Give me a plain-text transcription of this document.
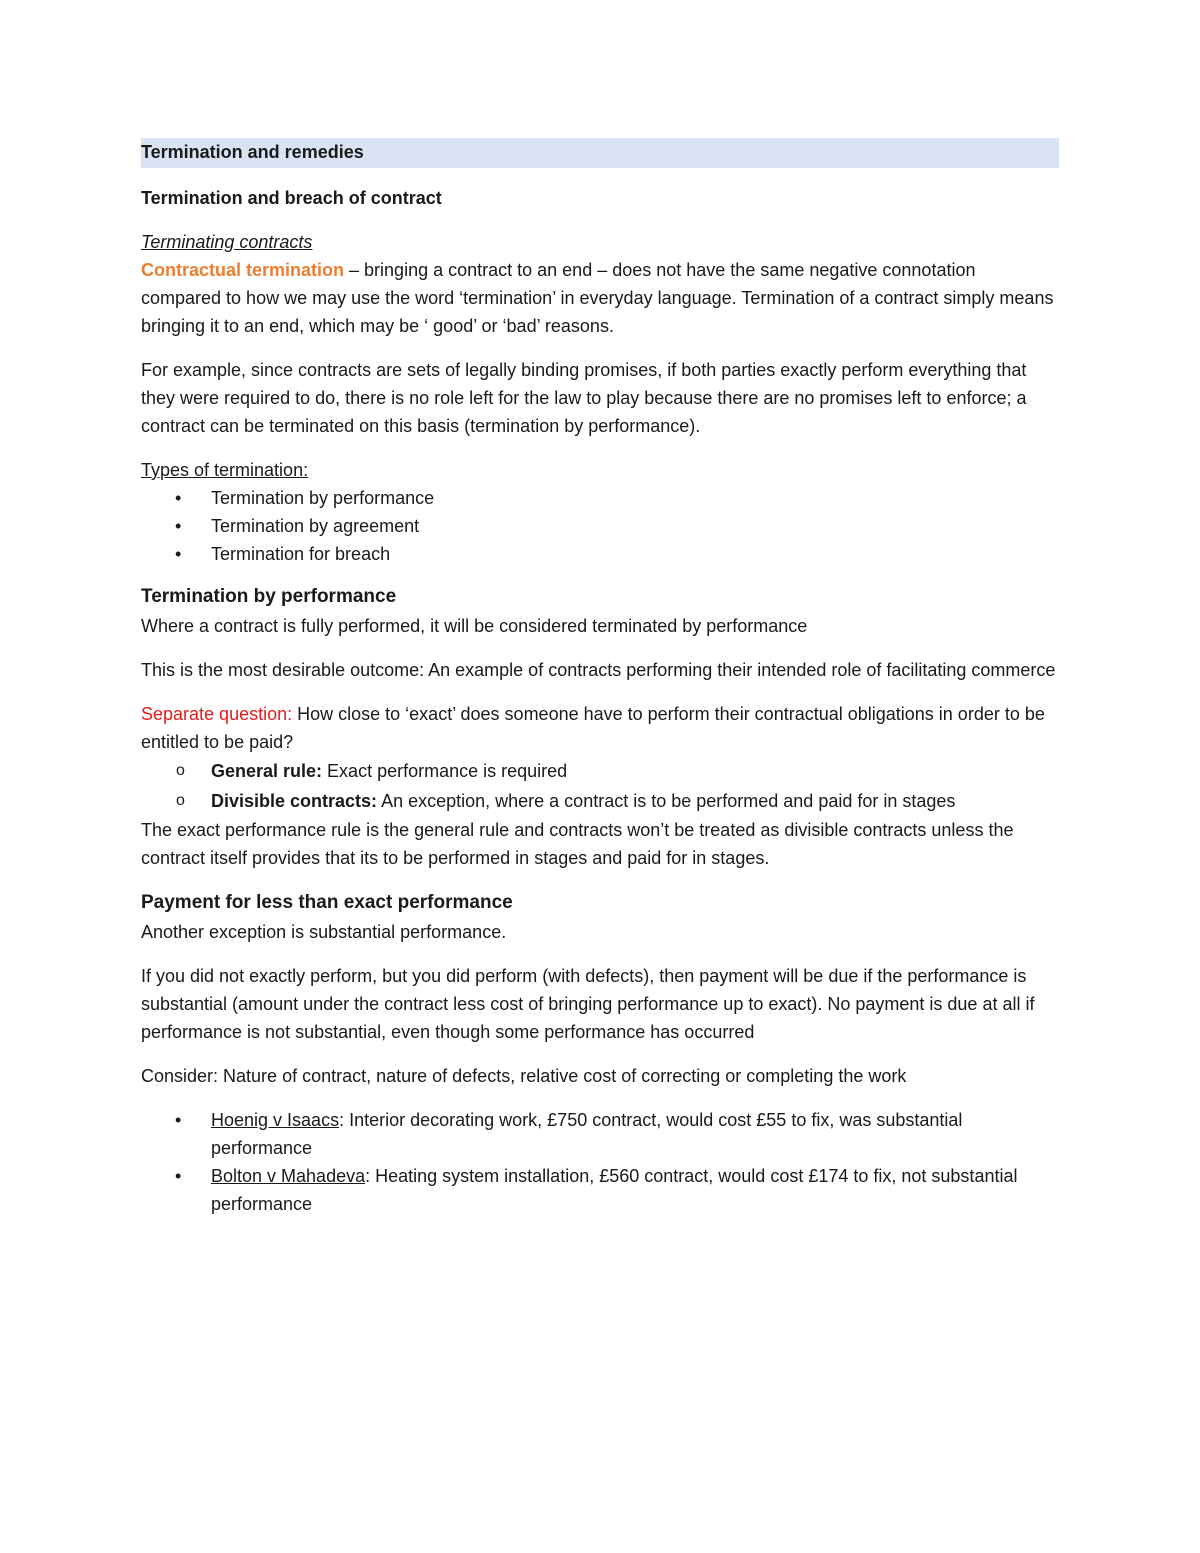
Termination and remedies
Termination and breach of contract
Terminating contracts

Contractual termination – bringing a contract to an end – does not have the same negative connotation compared to how we may use the word ‘termination’ in everyday language. Termination of a contract simply means bringing it to an end, which may be ‘ good’ or ‘bad’ reasons.

For example, since contracts are sets of legally binding promises, if both parties exactly perform everything that they were required to do, there is no role left for the law to play because there are no promises left to enforce; a contract can be terminated on this basis (termination by performance).

Types of termination:

• Termination by performance
• Termination by agreement
• Termination for breach
Termination by performance

Where a contract is fully performed, it will be considered terminated by performance

This is the most desirable outcome: An example of contracts performing their intended role of facilitating commerce

Separate question: How close to ‘exact’ does someone have to perform their contractual obligations in order to be entitled to be paid?

o General rule: Exact performance is required
o Divisible contracts: An exception, where a contract is to be performed and paid for in stages

The exact performance rule is the general rule and contracts won’t be treated as divisible contracts unless the contract itself provides that its to be performed in stages and paid for in stages.

Payment for less than exact performance

Another exception is substantial performance.

If you did not exactly perform, but you did perform (with defects), then payment will be due if the performance is substantial (amount under the contract less cost of bringing performance up to exact). No payment is due at all if performance is not substantial, even though some performance has occurred

Consider: Nature of contract, nature of defects, relative cost of correcting or completing the work

• Hoenig v Isaacs: Interior decorating work, £750 contract, would cost £55 to fix, was substantial performance
• Bolton v Mahadeva: Heating system installation, £560 contract, would cost £174 to fix, not substantial performance
